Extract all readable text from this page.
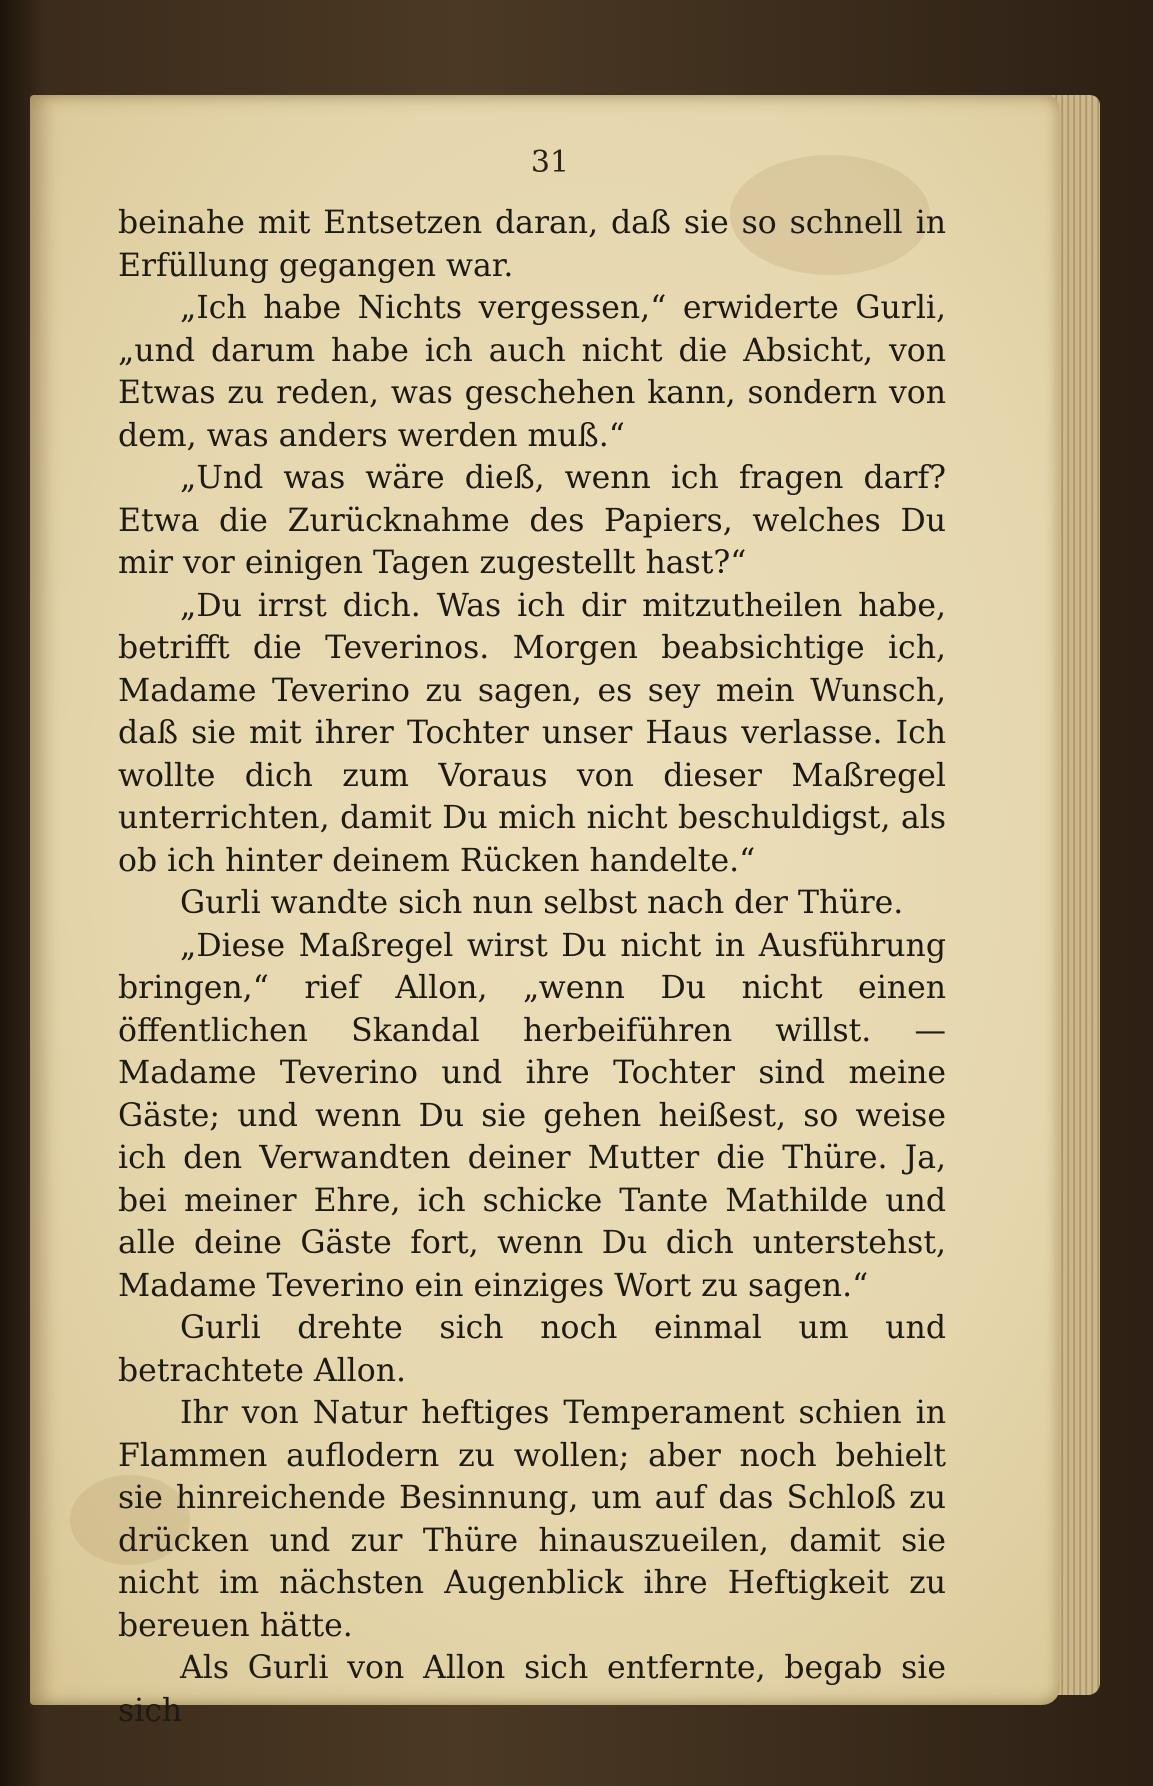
31

beinahe mit Entsetzen daran, daß sie so schnell in Erfüllung gegangen war.

„Ich habe Nichts vergessen,“ erwiderte Gurli, „und darum habe ich auch nicht die Absicht, von Etwas zu reden, was geschehen kann, sondern von dem, was anders werden muß.“

„Und was wäre dieß, wenn ich fragen darf? Etwa die Zurücknahme des Papiers, welches Du mir vor einigen Tagen zugestellt hast?“

„Du irrst dich. Was ich dir mitzutheilen habe, betrifft die Teverinos. Morgen beabsichtige ich, Madame Teverino zu sagen, es sey mein Wunsch, daß sie mit ihrer Tochter unser Haus verlasse. Ich wollte dich zum Voraus von dieser Maßregel unterrichten, damit Du mich nicht beschuldigst, als ob ich hinter deinem Rücken handelte.“

Gurli wandte sich nun selbst nach der Thüre.

„Diese Maßregel wirst Du nicht in Ausführung bringen,“ rief Allon, „wenn Du nicht einen öffentlichen Skandal herbeiführen willst. — Madame Teverino und ihre Tochter sind meine Gäste; und wenn Du sie gehen heißest, so weise ich den Verwandten deiner Mutter die Thüre. Ja, bei meiner Ehre, ich schicke Tante Mathilde und alle deine Gäste fort, wenn Du dich unterstehst, Madame Teverino ein einziges Wort zu sagen.“

Gurli drehte sich noch einmal um und betrachtete Allon.

Ihr von Natur heftiges Temperament schien in Flammen auflodern zu wollen; aber noch behielt sie hinreichende Besinnung, um auf das Schloß zu drücken und zur Thüre hinauszueilen, damit sie nicht im nächsten Augenblick ihre Heftigkeit zu bereuen hätte.

Als Gurli von Allon sich entfernte, begab sie sich
